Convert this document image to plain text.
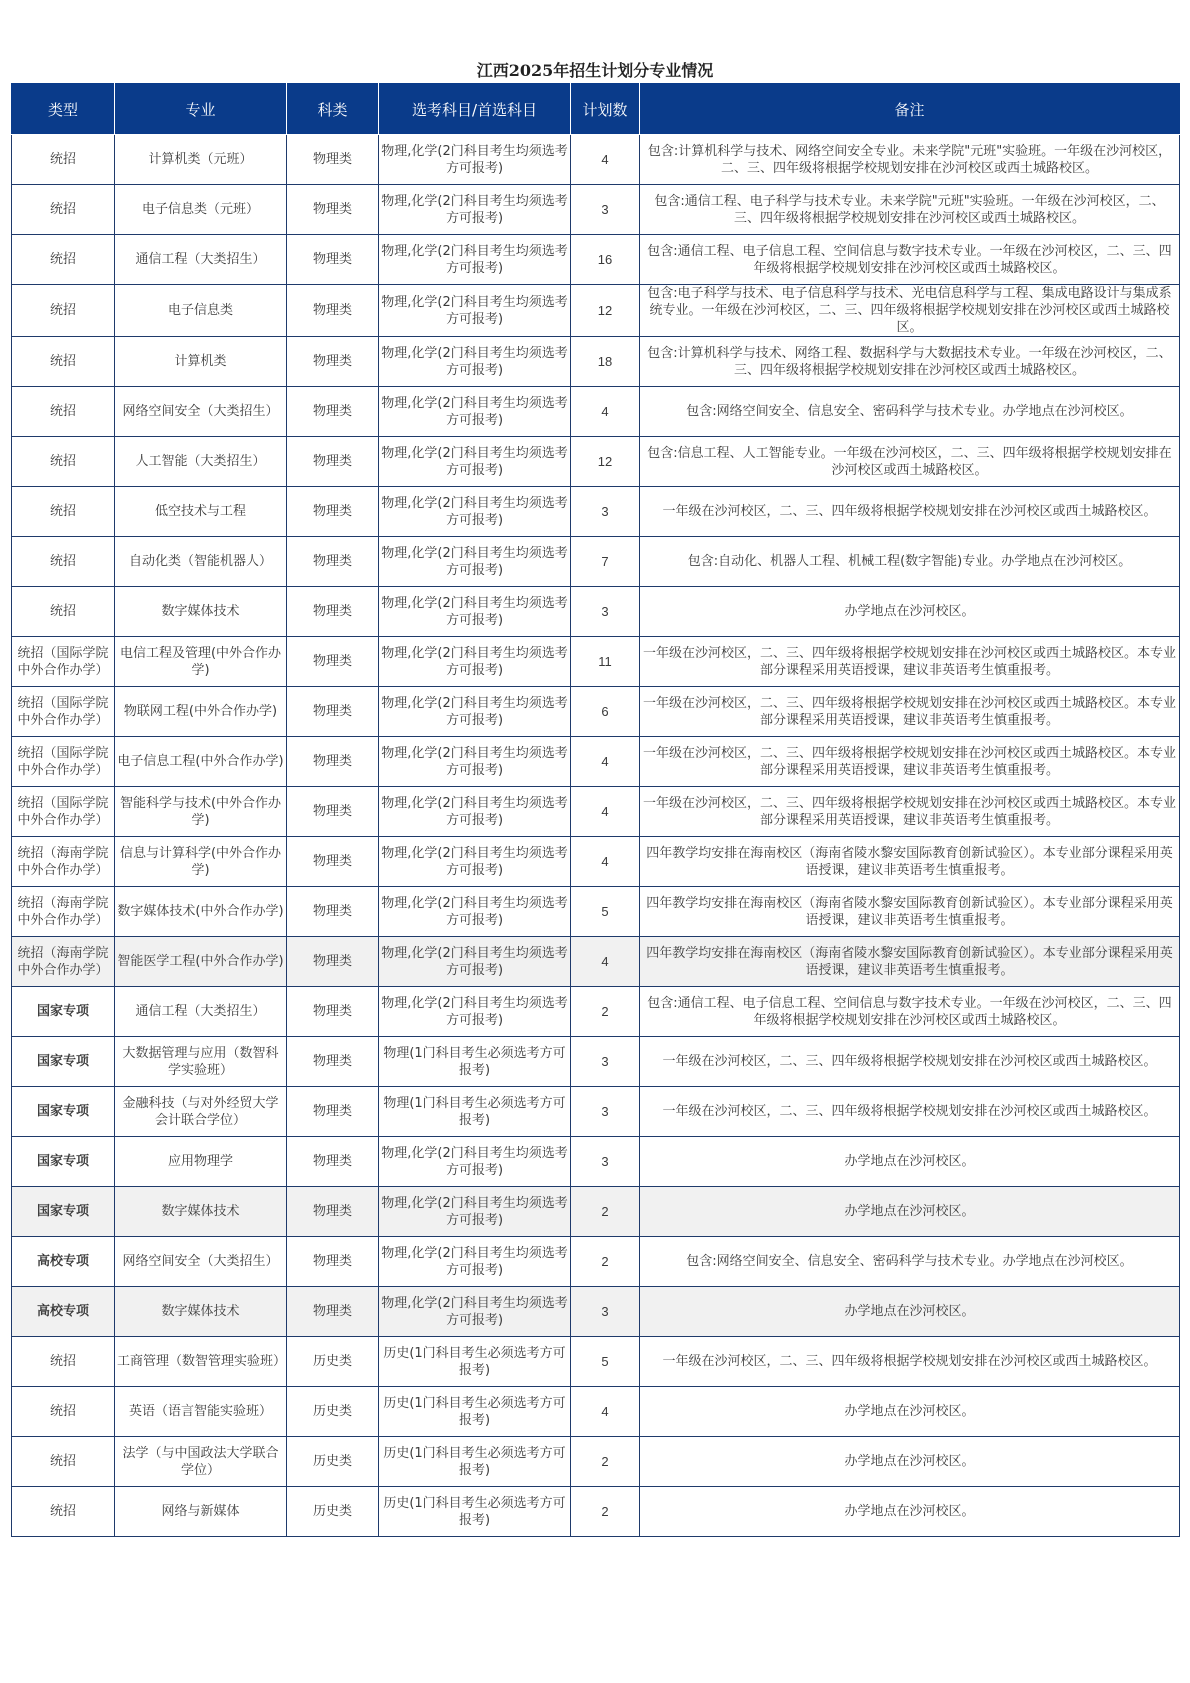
江西2025年招生计划分专业情况
类型	专业	科类	选考科目/首选科目	计划数	备注
统招	计算机类（元班）	物理类	物理,化学(2门科目考生均须选考方可报考)	4	包含:计算机科学与技术、网络空间安全专业。未来学院"元班"实验班。一年级在沙河校区，二、三、四年级将根据学校规划安排在沙河校区或西土城路校区。
统招	电子信息类（元班）	物理类	物理,化学(2门科目考生均须选考方可报考)	3	包含:通信工程、电子科学与技术专业。未来学院"元班"实验班。一年级在沙河校区，二、三、四年级将根据学校规划安排在沙河校区或西土城路校区。
统招	通信工程（大类招生）	物理类	物理,化学(2门科目考生均须选考方可报考)	16	包含:通信工程、电子信息工程、空间信息与数字技术专业。一年级在沙河校区，二、三、四年级将根据学校规划安排在沙河校区或西土城路校区。
统招	电子信息类	物理类	物理,化学(2门科目考生均须选考方可报考)	12	包含:电子科学与技术、电子信息科学与技术、光电信息科学与工程、集成电路设计与集成系统专业。一年级在沙河校区，二、三、四年级将根据学校规划安排在沙河校区或西土城路校区。
统招	计算机类	物理类	物理,化学(2门科目考生均须选考方可报考)	18	包含:计算机科学与技术、网络工程、数据科学与大数据技术专业。一年级在沙河校区，二、三、四年级将根据学校规划安排在沙河校区或西土城路校区。
统招	网络空间安全（大类招生）	物理类	物理,化学(2门科目考生均须选考方可报考)	4	包含:网络空间安全、信息安全、密码科学与技术专业。办学地点在沙河校区。
统招	人工智能（大类招生）	物理类	物理,化学(2门科目考生均须选考方可报考)	12	包含:信息工程、人工智能专业。一年级在沙河校区，二、三、四年级将根据学校规划安排在沙河校区或西土城路校区。
统招	低空技术与工程	物理类	物理,化学(2门科目考生均须选考方可报考)	3	一年级在沙河校区，二、三、四年级将根据学校规划安排在沙河校区或西土城路校区。
统招	自动化类（智能机器人）	物理类	物理,化学(2门科目考生均须选考方可报考)	7	包含:自动化、机器人工程、机械工程(数字智能)专业。办学地点在沙河校区。
统招	数字媒体技术	物理类	物理,化学(2门科目考生均须选考方可报考)	3	办学地点在沙河校区。
统招（国际学院中外合作办学）	电信工程及管理(中外合作办学)	物理类	物理,化学(2门科目考生均须选考方可报考)	11	一年级在沙河校区，二、三、四年级将根据学校规划安排在沙河校区或西土城路校区。本专业部分课程采用英语授课，建议非英语考生慎重报考。
统招（国际学院中外合作办学）	物联网工程(中外合作办学)	物理类	物理,化学(2门科目考生均须选考方可报考)	6	一年级在沙河校区，二、三、四年级将根据学校规划安排在沙河校区或西土城路校区。本专业部分课程采用英语授课，建议非英语考生慎重报考。
统招（国际学院中外合作办学）	电子信息工程(中外合作办学)	物理类	物理,化学(2门科目考生均须选考方可报考)	4	一年级在沙河校区，二、三、四年级将根据学校规划安排在沙河校区或西土城路校区。本专业部分课程采用英语授课，建议非英语考生慎重报考。
统招（国际学院中外合作办学）	智能科学与技术(中外合作办学)	物理类	物理,化学(2门科目考生均须选考方可报考)	4	一年级在沙河校区，二、三、四年级将根据学校规划安排在沙河校区或西土城路校区。本专业部分课程采用英语授课，建议非英语考生慎重报考。
统招（海南学院中外合作办学）	信息与计算科学(中外合作办学)	物理类	物理,化学(2门科目考生均须选考方可报考)	4	四年教学均安排在海南校区（海南省陵水黎安国际教育创新试验区）。本专业部分课程采用英语授课，建议非英语考生慎重报考。
统招（海南学院中外合作办学）	数字媒体技术(中外合作办学)	物理类	物理,化学(2门科目考生均须选考方可报考)	5	四年教学均安排在海南校区（海南省陵水黎安国际教育创新试验区）。本专业部分课程采用英语授课，建议非英语考生慎重报考。
统招（海南学院中外合作办学）	智能医学工程(中外合作办学)	物理类	物理,化学(2门科目考生均须选考方可报考)	4	四年教学均安排在海南校区（海南省陵水黎安国际教育创新试验区）。本专业部分课程采用英语授课，建议非英语考生慎重报考。
国家专项	通信工程（大类招生）	物理类	物理,化学(2门科目考生均须选考方可报考)	2	包含:通信工程、电子信息工程、空间信息与数字技术专业。一年级在沙河校区，二、三、四年级将根据学校规划安排在沙河校区或西土城路校区。
国家专项	大数据管理与应用（数智科学实验班）	物理类	物理(1门科目考生必须选考方可报考)	3	一年级在沙河校区，二、三、四年级将根据学校规划安排在沙河校区或西土城路校区。
国家专项	金融科技（与对外经贸大学会计联合学位）	物理类	物理(1门科目考生必须选考方可报考)	3	一年级在沙河校区，二、三、四年级将根据学校规划安排在沙河校区或西土城路校区。
国家专项	应用物理学	物理类	物理,化学(2门科目考生均须选考方可报考)	3	办学地点在沙河校区。
国家专项	数字媒体技术	物理类	物理,化学(2门科目考生均须选考方可报考)	2	办学地点在沙河校区。
高校专项	网络空间安全（大类招生）	物理类	物理,化学(2门科目考生均须选考方可报考)	2	包含:网络空间安全、信息安全、密码科学与技术专业。办学地点在沙河校区。
高校专项	数字媒体技术	物理类	物理,化学(2门科目考生均须选考方可报考)	3	办学地点在沙河校区。
统招	工商管理（数智管理实验班）	历史类	历史(1门科目考生必须选考方可报考)	5	一年级在沙河校区，二、三、四年级将根据学校规划安排在沙河校区或西土城路校区。
统招	英语（语言智能实验班）	历史类	历史(1门科目考生必须选考方可报考)	4	办学地点在沙河校区。
统招	法学（与中国政法大学联合学位）	历史类	历史(1门科目考生必须选考方可报考)	2	办学地点在沙河校区。
统招	网络与新媒体	历史类	历史(1门科目考生必须选考方可报考)	2	办学地点在沙河校区。
